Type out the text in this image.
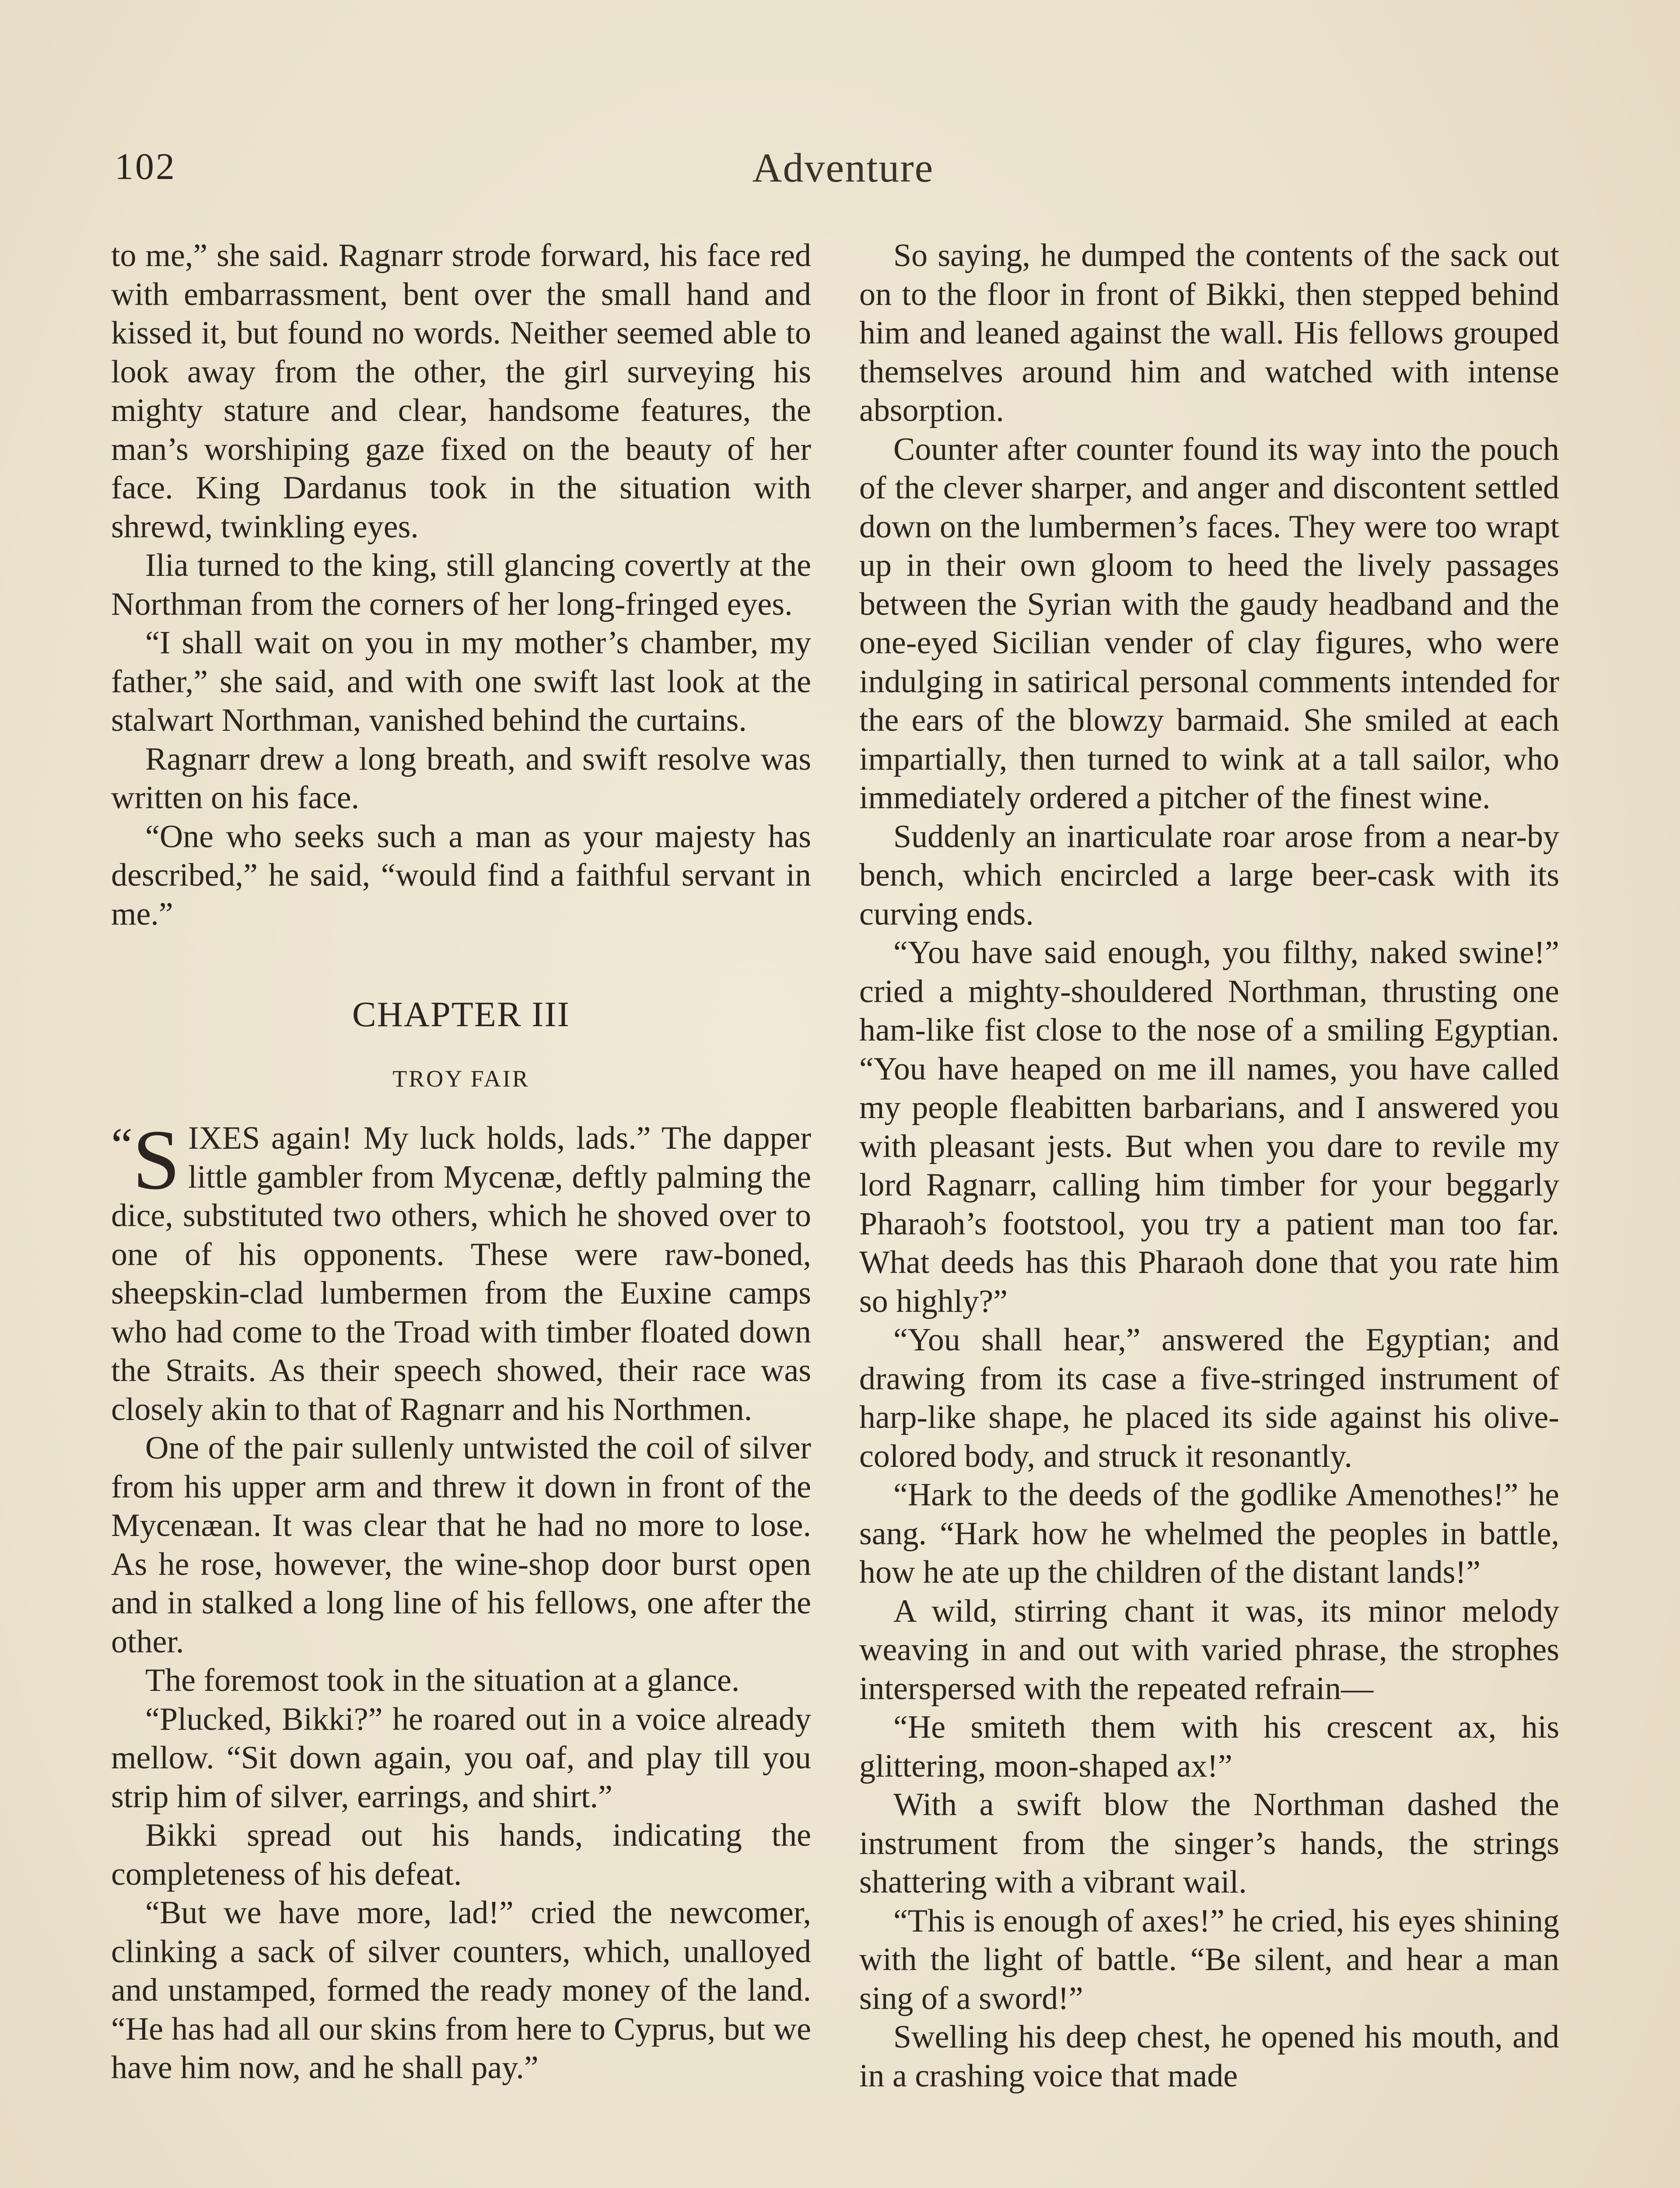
102	Adventure

to me,” she said. Ragnarr strode forward, his face red with embarrassment, bent over the small hand and kissed it, but found no words. Neither seemed able to look away from the other, the girl surveying his mighty stature and clear, handsome features, the man’s worshiping gaze fixed on the beauty of her face. King Dardanus took in the situation with shrewd, twinkling eyes.

Ilia turned to the king, still glancing covertly at the Northman from the corners of her long-fringed eyes.

“I shall wait on you in my mother’s chamber, my father,” she said, and with one swift last look at the stalwart Northman, vanished behind the curtains.

Ragnarr drew a long breath, and swift resolve was written on his face.

“One who seeks such a man as your majesty has described,” he said, “would find a faithful servant in me.”

CHAPTER III
TROY FAIR

“S IXES again! My luck holds, lads.” The dapper little gambler from Mycenæ, deftly palming the dice, substituted two others, which he shoved over to one of his opponents. These were raw-boned, sheepskin-clad lumbermen from the Euxine camps who had come to the Troad with timber floated down the Straits. As their speech showed, their race was closely akin to that of Ragnarr and his Northmen.

One of the pair sullenly untwisted the coil of silver from his upper arm and threw it down in front of the Mycenæan. It was clear that he had no more to lose. As he rose, however, the wine-shop door burst open and in stalked a long line of his fellows, one after the other.

The foremost took in the situation at a glance.

“Plucked, Bikki?” he roared out in a voice already mellow. “Sit down again, you oaf, and play till you strip him of silver, earrings, and shirt.”

Bikki spread out his hands, indicating the completeness of his defeat.

“But we have more, lad!” cried the newcomer, clinking a sack of silver counters, which, unalloyed and unstamped, formed the ready money of the land. “He has had all our skins from here to Cyprus, but we have him now, and he shall pay.”

So saying, he dumped the contents of the sack out on to the floor in front of Bikki, then stepped behind him and leaned against the wall. His fellows grouped themselves around him and watched with intense absorption.

Counter after counter found its way into the pouch of the clever sharper, and anger and discontent settled down on the lumbermen’s faces. They were too wrapt up in their own gloom to heed the lively passages between the Syrian with the gaudy headband and the one-eyed Sicilian vender of clay figures, who were indulging in satirical personal comments intended for the ears of the blowzy barmaid. She smiled at each impartially, then turned to wink at a tall sailor, who immediately ordered a pitcher of the finest wine.

Suddenly an inarticulate roar arose from a near-by bench, which encircled a large beer-cask with its curving ends.

“You have said enough, you filthy, naked swine!” cried a mighty-shouldered Northman, thrusting one ham-like fist close to the nose of a smiling Egyptian. “You have heaped on me ill names, you have called my people fleabitten barbarians, and I answered you with pleasant jests. But when you dare to revile my lord Ragnarr, calling him timber for your beggarly Pharaoh’s footstool, you try a patient man too far. What deeds has this Pharaoh done that you rate him so highly?”

“You shall hear,” answered the Egyptian; and drawing from its case a five-stringed instrument of harp-like shape, he placed its side against his olive-colored body, and struck it resonantly.

“Hark to the deeds of the godlike Amenothes!” he sang. “Hark how he whelmed the peoples in battle, how he ate up the children of the distant lands!”

A wild, stirring chant it was, its minor melody weaving in and out with varied phrase, the strophes interspersed with the repeated refrain—

“He smiteth them with his crescent ax, his glittering, moon-shaped ax!”

With a swift blow the Northman dashed the instrument from the singer’s hands, the strings shattering with a vibrant wail.

“This is enough of axes!” he cried, his eyes shining with the light of battle. “Be silent, and hear a man sing of a sword!”

Swelling his deep chest, he opened his mouth, and in a crashing voice that made
